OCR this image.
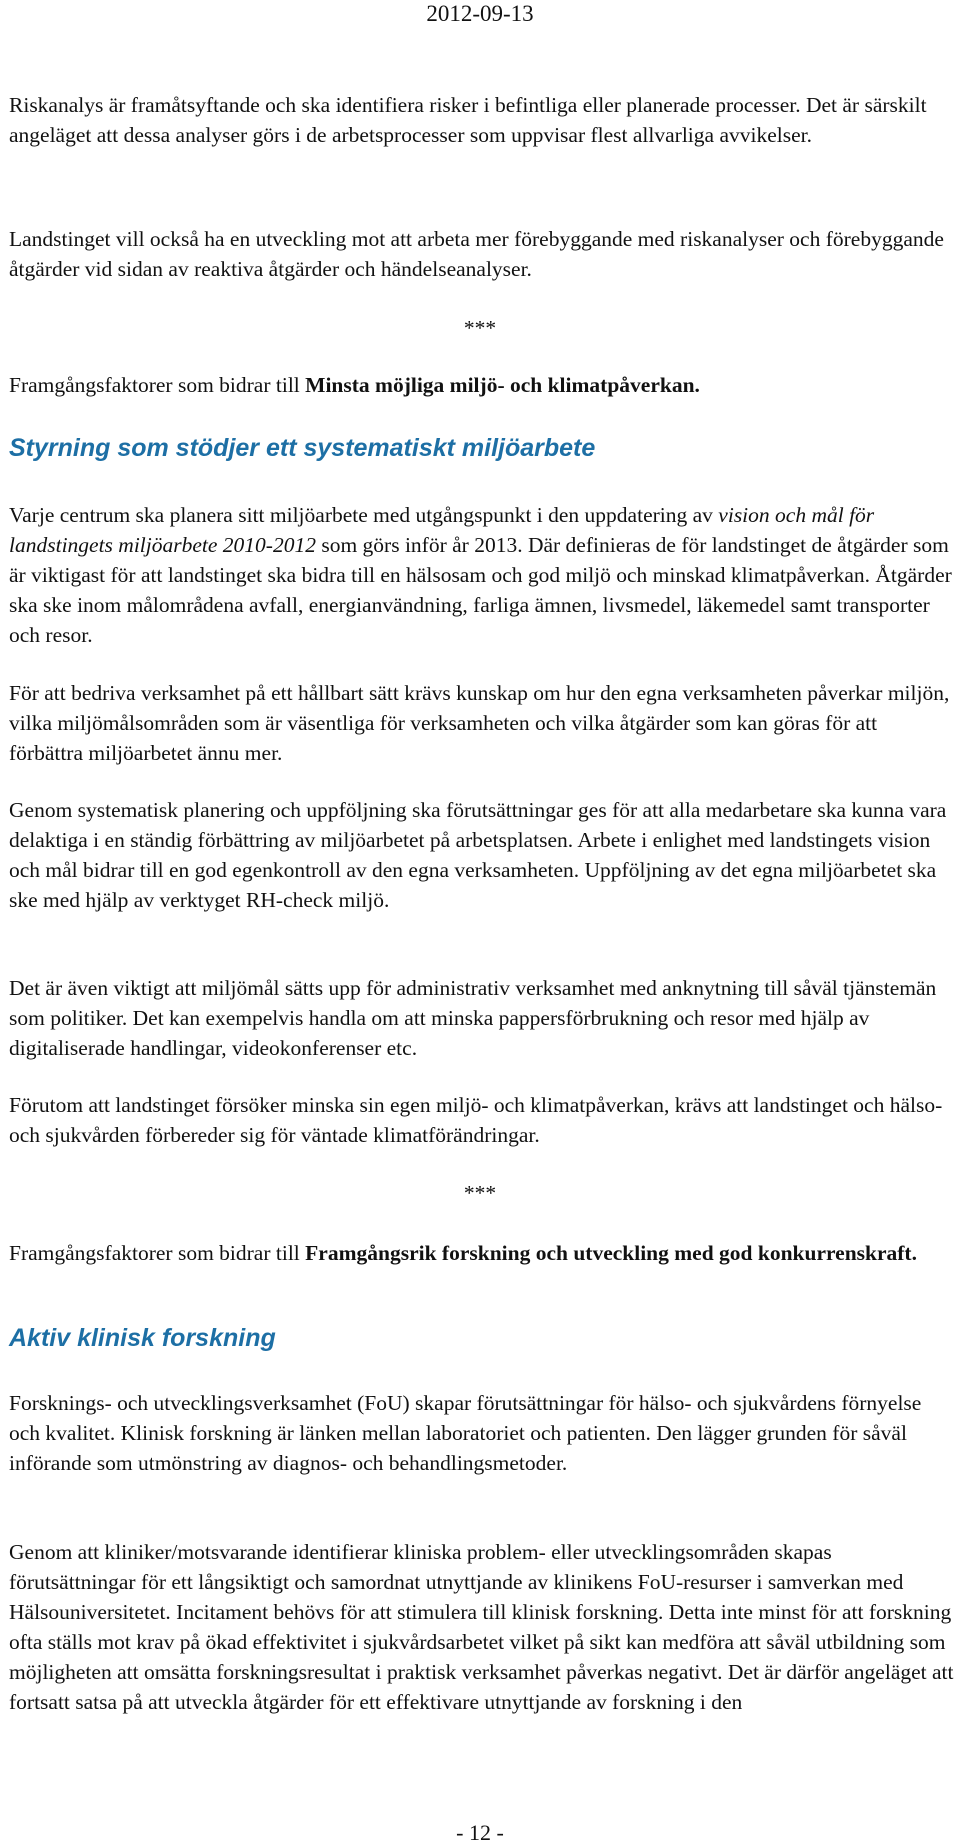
2012-09-13

Riskanalys är framåtsyftande och ska identifiera risker i befintliga eller planerade processer. Det är särskilt angeläget att dessa analyser görs i de arbetsprocesser som uppvisar flest allvarliga avvikelser.

Landstinget vill också ha en utveckling mot att arbeta mer förebyggande med riskanalyser och förebyggande åtgärder vid sidan av reaktiva åtgärder och händelseanalyser.

***

Framgångsfaktorer som bidrar till Minsta möjliga miljö- och klimatpåverkan.

Styrning som stödjer ett systematiskt miljöarbete

Varje centrum ska planera sitt miljöarbete med utgångspunkt i den uppdatering av vision och mål för landstingets miljöarbete 2010-2012 som görs inför år 2013. Där definieras de för landstinget de åtgärder som är viktigast för att landstinget ska bidra till en hälsosam och god miljö och minskad klimatpåverkan. Åtgärder ska ske inom målområdena avfall, energianvändning, farliga ämnen, livsmedel, läkemedel samt transporter och resor.

För att bedriva verksamhet på ett hållbart sätt krävs kunskap om hur den egna verksamheten påverkar miljön, vilka miljömålsområden som är väsentliga för verksamheten och vilka åtgärder som kan göras för att förbättra miljöarbetet ännu mer.

Genom systematisk planering och uppföljning ska förutsättningar ges för att alla medarbetare ska kunna vara delaktiga i en ständig förbättring av miljöarbetet på arbetsplatsen. Arbete i enlighet med landstingets vision och mål bidrar till en god egenkontroll av den egna verksamheten. Uppföljning av det egna miljöarbetet ska ske med hjälp av verktyget RH-check miljö.

Det är även viktigt att miljömål sätts upp för administrativ verksamhet med anknytning till såväl tjänstemän som politiker. Det kan exempelvis handla om att minska pappersförbrukning och resor med hjälp av digitaliserade handlingar, videokonferenser etc.

Förutom att landstinget försöker minska sin egen miljö- och klimatpåverkan, krävs att landstinget och hälso- och sjukvården förbereder sig för väntade klimatförändringar.

***

Framgångsfaktorer som bidrar till Framgångsrik forskning och utveckling med god konkurrenskraft.

Aktiv klinisk forskning

Forsknings- och utvecklingsverksamhet (FoU) skapar förutsättningar för hälso- och sjukvårdens förnyelse och kvalitet. Klinisk forskning är länken mellan laboratoriet och patienten. Den lägger grunden för såväl införande som utmönstring av diagnos- och behandlingsmetoder.

Genom att kliniker/motsvarande identifierar kliniska problem- eller utvecklingsområden skapas förutsättningar för ett långsiktigt och samordnat utnyttjande av klinikens FoU-resurser i samverkan med Hälsouniversitetet. Incitament behövs för att stimulera till klinisk forskning. Detta inte minst för att forskning ofta ställs mot krav på ökad effektivitet i sjukvårdsarbetet vilket på sikt kan medföra att såväl utbildning som möjligheten att omsätta forskningsresultat i praktisk verksamhet påverkas negativt. Det är därför angeläget att fortsatt satsa på att utveckla åtgärder för ett effektivare utnyttjande av forskning i den

- 12 -
